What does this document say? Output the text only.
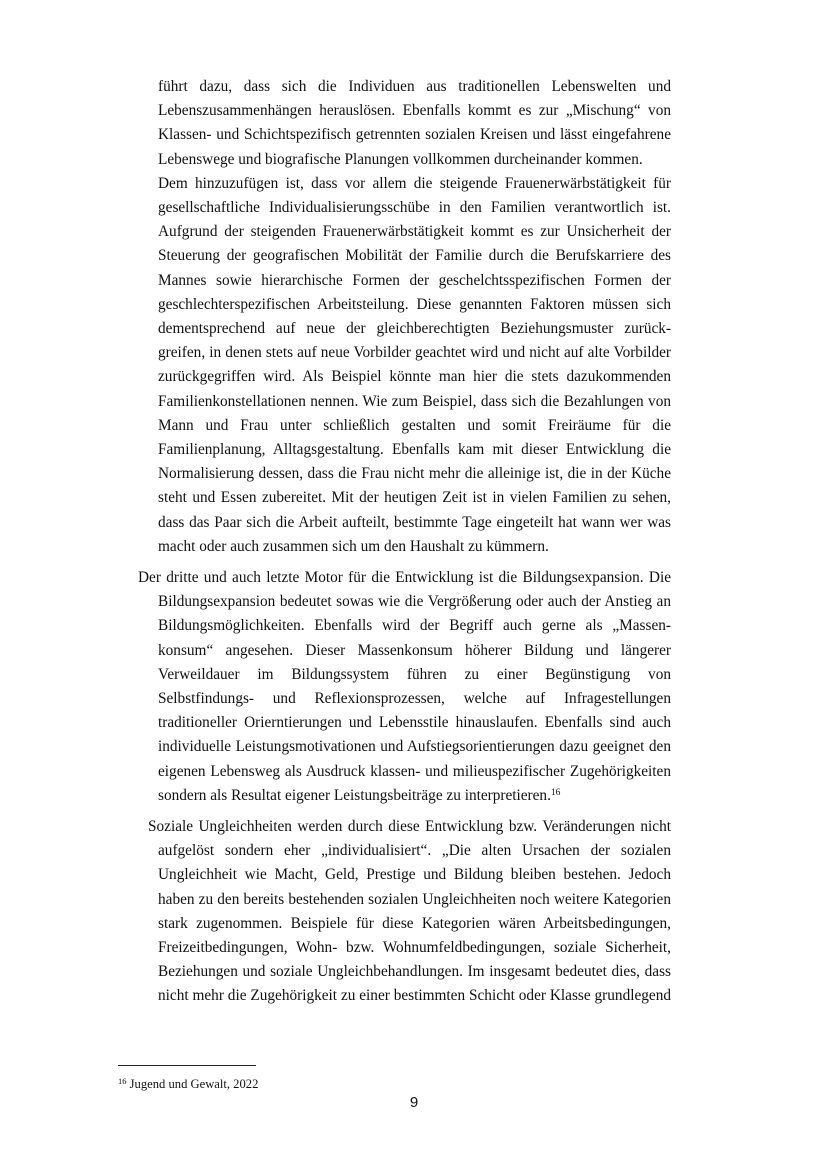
führt dazu, dass sich die Individuen aus traditionellen Lebenswelten und
Lebenszusammenhängen herauslösen. Ebenfalls kommt es zur „Mischung“ von
Klassen- und Schichtspezifisch getrennten sozialen Kreisen und lässt eingefahrene
Lebenswege und biografische Planungen vollkommen durcheinander kommen.
Dem hinzuzufügen ist, dass vor allem die steigende Frauenerwärbstätigkeit für
gesellschaftliche Individualisierungsschübe in den Familien verantwortlich ist.
Aufgrund der steigenden Frauenerwärbstätigkeit kommt es zur Unsicherheit der
Steuerung der geografischen Mobilität der Familie durch die Berufskarriere des
Mannes sowie hierarchische Formen der geschelchtsspezifischen Formen der
geschlechterspezifischen Arbeitsteilung. Diese genannten Faktoren müssen sich
dementsprechend auf neue der gleichberechtigten Beziehungsmuster zurück-
greifen, in denen stets auf neue Vorbilder geachtet wird und nicht auf alte Vorbilder
zurückgegriffen wird. Als Beispiel könnte man hier die stets dazukommenden
Familienkonstellationen nennen. Wie zum Beispiel, dass sich die Bezahlungen von
Mann und Frau unter schließlich gestalten und somit Freiräume für die
Familienplanung, Alltagsgestaltung. Ebenfalls kam mit dieser Entwicklung die
Normalisierung dessen, dass die Frau nicht mehr die alleinige ist, die in der Küche
steht und Essen zubereitet. Mit der heutigen Zeit ist in vielen Familien zu sehen,
dass das Paar sich die Arbeit aufteilt, bestimmte Tage eingeteilt hat wann wer was
macht oder auch zusammen sich um den Haushalt zu kümmern.
Der dritte und auch letzte Motor für die Entwicklung ist die Bildungsexpansion. Die
Bildungsexpansion bedeutet sowas wie die Vergrößerung oder auch der Anstieg an
Bildungsmöglichkeiten. Ebenfalls wird der Begriff auch gerne als „Massen-
konsum“ angesehen. Dieser Massenkonsum höherer Bildung und längerer
Verweildauer im Bildungssystem führen zu einer Begünstigung von
Selbstfindungs- und Reflexionsprozessen, welche auf Infragestellungen
traditioneller Orierntierungen und Lebensstile hinauslaufen. Ebenfalls sind auch
individuelle Leistungsmotivationen und Aufstiegsorientierungen dazu geeignet den
eigenen Lebensweg als Ausdruck klassen- und milieuspezifischer Zugehörigkeiten
sondern als Resultat eigener Leistungsbeiträge zu interpretieren.$^{16}$
Soziale Ungleichheiten werden durch diese Entwicklung bzw. Veränderungen nicht
aufgelöst sondern eher „individualisiert“. „Die alten Ursachen der sozialen
Ungleichheit wie Macht, Geld, Prestige und Bildung bleiben bestehen. Jedoch
haben zu den bereits bestehenden sozialen Ungleichheiten noch weitere Kategorien
stark zugenommen. Beispiele für diese Kategorien wären Arbeitsbedingungen,
Freizeitbedingungen, Wohn- bzw. Wohnumfeldbedingungen, soziale Sicherheit,
Beziehungen und soziale Ungleichbehandlungen. Im insgesamt bedeutet dies, dass
nicht mehr die Zugehörigkeit zu einer bestimmten Schicht oder Klasse grundlegend
$^{16}$ Jugend und Gewalt, 2022
9
